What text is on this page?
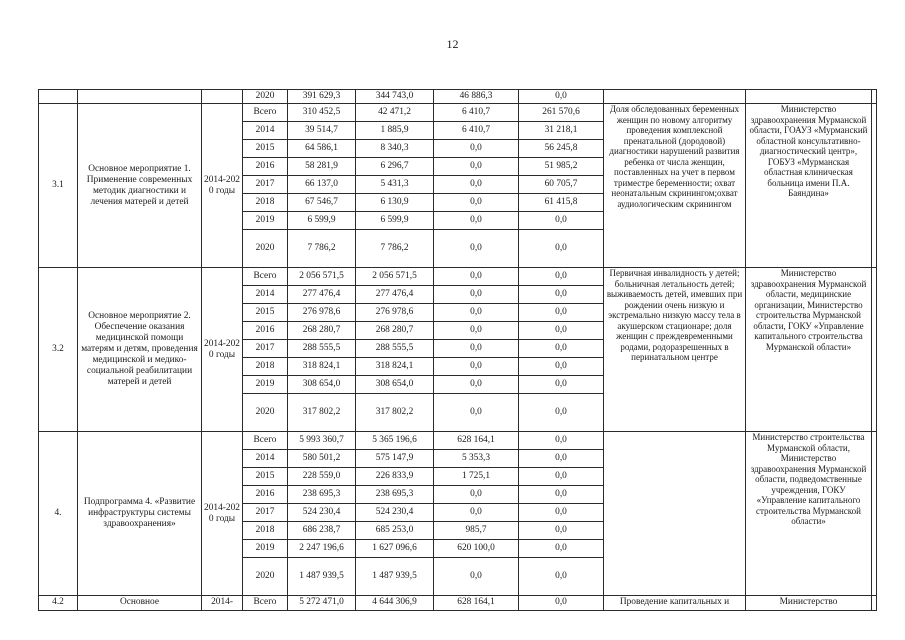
12
			2020	391 629,3	344 743,0	46 886,3	0,0			
3.1	Основное мероприятие 1. Применение современных методик диагностики и лечения матерей и детей	2014-2020 годы	Всего	310 452,5	42 471,2	6 410,7	261 570,6	Доля обследованных беременных женщин по новому алгоритму проведения комплексной пренатальной (дородовой) диагностики нарушений развития ребенка от числа женщин, поставленных на учет в первом триместре беременности; охват неонатальным скринингом;охват аудиологическим скринингом	Министерство здравоохранения Мурманской области, ГОАУЗ «Мурманский областной консультативно-диагностический центр», ГОБУЗ «Мурманская областная клиническая больница имени П.А. Баяндина»	
			2014	39 514,7	1 885,9	6 410,7	31 218,1			
			2015	64 586,1	8 340,3	0,0	56 245,8			
			2016	58 281,9	6 296,7	0,0	51 985,2			
			2017	66 137,0	5 431,3	0,0	60 705,7			
			2018	67 546,7	6 130,9	0,0	61 415,8			
			2019	6 599,9	6 599,9	0,0	0,0			
			2020	7 786,2	7 786,2	0,0	0,0			
3.2	Основное мероприятие 2. Обеспечение оказания медицинской помощи матерям и детям, проведения медицинской и медико-социальной реабилитации матерей и детей	2014-2020 годы	Всего	2 056 571,5	2 056 571,5	0,0	0,0	Первичная инвалидность у детей; больничная летальность детей; выживаемость детей, имевших при рождении очень низкую и экстремально низкую массу тела в акушерском стационаре; доля женщин с преждевременными родами, родоразрешенных в перинатальном центре	Министерство здравоохранения Мурманской области, медицинские организации, Министерство строительства Мурманской области, ГОКУ «Управление капитального строительства Мурманской области»	
			2014	277 476,4	277 476,4	0,0	0,0			
			2015	276 978,6	276 978,6	0,0	0,0			
			2016	268 280,7	268 280,7	0,0	0,0			
			2017	288 555,5	288 555,5	0,0	0,0			
			2018	318 824,1	318 824,1	0,0	0,0			
			2019	308 654,0	308 654,0	0,0	0,0			
			2020	317 802,2	317 802,2	0,0	0,0			
4.	Подпрограмма 4. «Развитие инфраструктуры системы здравоохранения»	2014-2020 годы	Всего	5 993 360,7	5 365 196,6	628 164,1	0,0		Министерство строительства Мурманской области, Министерство здравоохранения Мурманской области, подведомственные учреждения, ГОКУ «Управление капитального строительства Мурманской области»	
			2014	580 501,2	575 147,9	5 353,3	0,0			
			2015	228 559,0	226 833,9	1 725,1	0,0			
			2016	238 695,3	238 695,3	0,0	0,0			
			2017	524 230,4	524 230,4	0,0	0,0			
			2018	686 238,7	685 253,0	985,7	0,0			
			2019	2 247 196,6	1 627 096,6	620 100,0	0,0			
			2020	1 487 939,5	1 487 939,5	0,0	0,0			

4.2	Основное	2014-	Всего	5 272 471,0	4 644 306,9	628 164,1	0,0	Проведение капитальных и	Министерство	
